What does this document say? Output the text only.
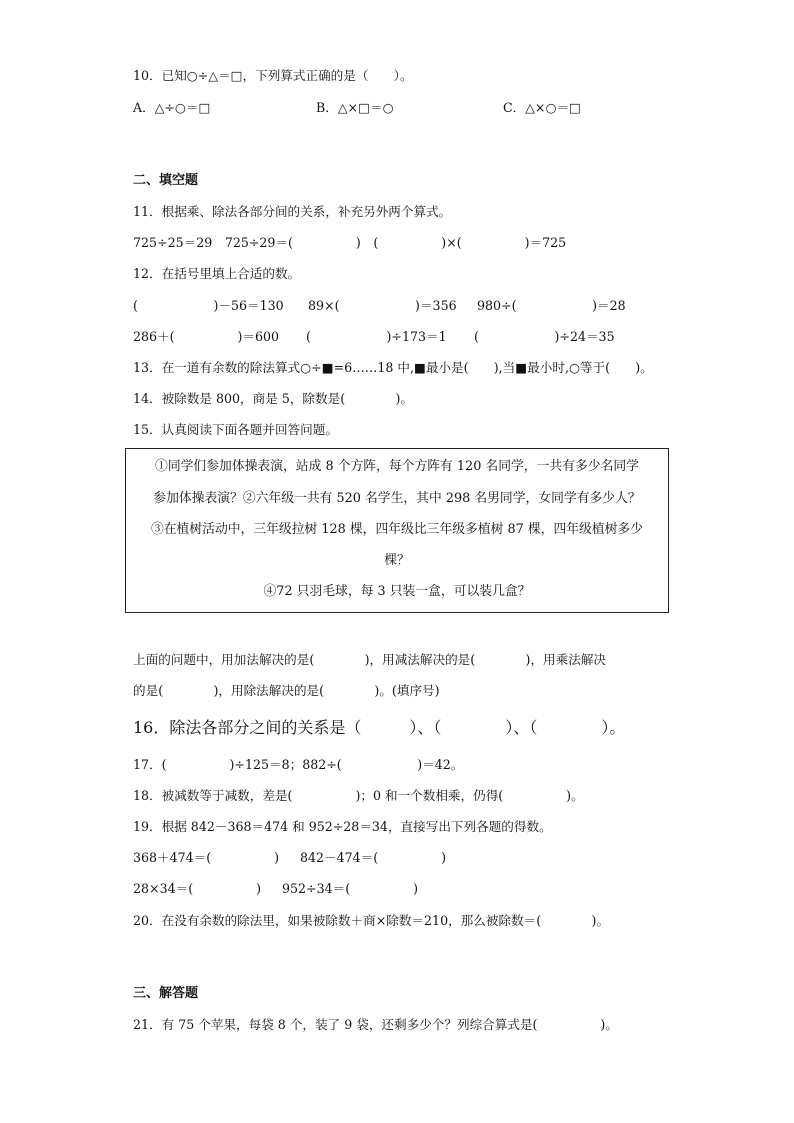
10．已知○÷△＝□，下列算式正确的是（　　）。
A．△÷○＝□	B．△×□＝○	C．△×○＝□
二、填空题
11．根据乘、除法各部分间的关系，补充另外两个算式。
725÷25＝29　725÷29＝(　　　　　)　(　　　　　)×(　　　　　)＝725
12．在括号里填上合适的数。
(　　　　　　)－56＝130 89×(　　　　　　)＝356 980÷(　　　　　　)＝28
286＋(　　　　　)＝600 (　　　　　　)÷173＝1 (　　　　　　)÷24＝35
13．在一道有余数的除法算式○÷■=6……18 中,■最小是(　　),当■最小时,○等于(　　)。
14．被除数是 800，商是 5，除数是(　　　　)。
15．认真阅读下面各题并回答问题。
①同学们参加体操表演，站成 8 个方阵，每个方阵有 120 名同学，一共有多少名同学
参加体操表演？②六年级一共有 520 名学生，其中 298 名男同学，女同学有多少人？
③在植树活动中，三年级拉树 128 棵，四年级比三年级多植树 87 棵，四年级植树多少
棵？
④72 只羽毛球，每 3 只装一盒，可以装几盒？
上面的问题中，用加法解决的是(　　　　)，用减法解决的是(　　　　)，用乘法解决
的是(　　　　)，用除法解决的是(　　　　)。(填序号)
16．除法各部分之间的关系是（　　　）、（　　　　）、（　　　　）。
17．(　　　　　)÷125＝8；882÷(　　　　　　)＝42。
18．被减数等于减数，差是(　　　　　)；0 和一个数相乘，仍得(　　　　　)。
19．根据 842－368＝474 和 952÷28＝34，直接写出下列各题的得数。
368＋474＝(　　　　　) 842－474＝(　　　　　)
28×34＝(　　　　　) 952÷34＝(　　　　　)
20．在没有余数的除法里，如果被除数＋商×除数＝210，那么被除数＝(　　　　)。
三、解答题
21．有 75 个苹果，每袋 8 个，装了 9 袋，还剩多少个？列综合算式是(　　　　　)。
